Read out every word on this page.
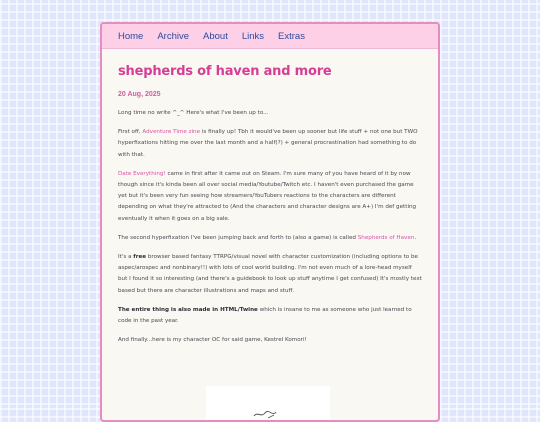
Home Archive About Links Extras
shepherds of haven and more
20 Aug, 2025

Long time no write ^_^ Here's what I've been up to...

First off, Adventure Time zine is finally up! Tbh it would've been up sooner but life stuff + not one but TWO hyperfixations hitting me over the last month and a half(?) + general procrastination had something to do with that.

Date Everything! came in first after it came out on Steam. I'm sure many of you have heard of it by now though since it's kinda been all over social media/Youtube/Twitch etc. I haven't even purchased the game yet but it's been very fun seeing how streamers/YouTubers reactions to the characters are different depending on what they're attracted to (And the characters and character designs are A+) I'm def getting eventually it when it goes on a big sale.

The second hyperfixation I've been jumping back and forth to (also a game) is called Shepherds of Haven.

It's a free browser based fantasy TTRPG/visual novel with character customization (including options to be aspec/arospec and nonbinary!!) with lots of cool world building. I'm not even much of a lore-head myself but I found it so interesting (and there's a guidebook to look up stuff anytime I get confused) It's mostly text based but there are character illustrations and maps and stuff.

The entire thing is also made in HTML/Twine which is insane to me as someone who just learned to code in the past year.

And finally...here is my character OC for said game, Kestrel Komori!
